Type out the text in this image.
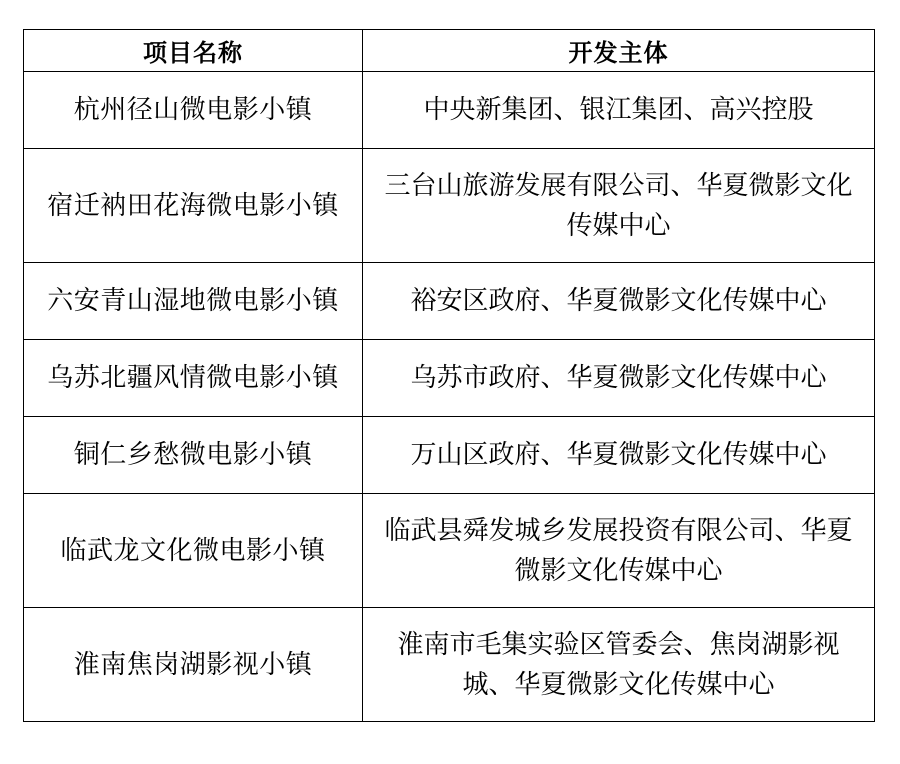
项目名称	开发主体
杭州径山微电影小镇	中央新集团、银江集团、高兴控股
宿迁衲田花海微电影小镇	三台山旅游发展有限公司、华夏微影文化传媒中心
六安青山湿地微电影小镇	裕安区政府、华夏微影文化传媒中心
乌苏北疆风情微电影小镇	乌苏市政府、华夏微影文化传媒中心
铜仁乡愁微电影小镇	万山区政府、华夏微影文化传媒中心
临武龙文化微电影小镇	临武县舜发城乡发展投资有限公司、华夏微影文化传媒中心
淮南焦岗湖影视小镇	淮南市毛集实验区管委会、焦岗湖影视城、华夏微影文化传媒中心
